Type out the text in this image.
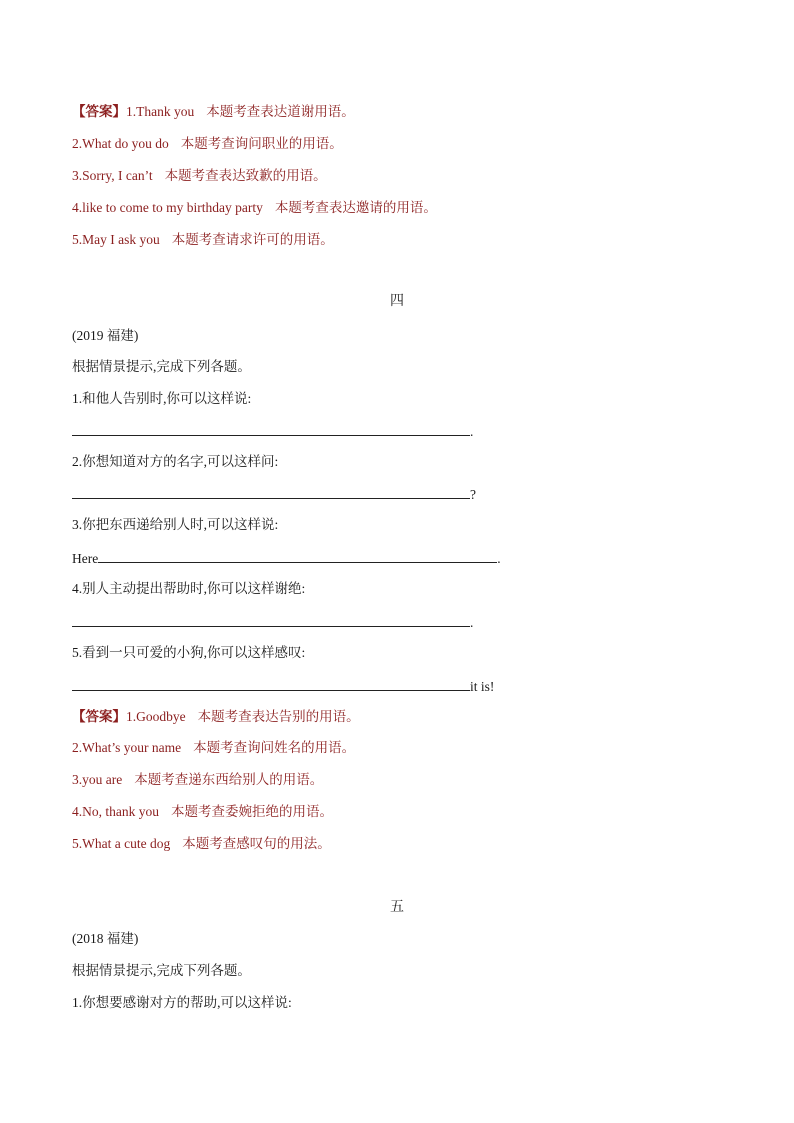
【答案】1.Thank you 本题考查表达道谢用语。
2.What do you do 本题考查询问职业的用语。
3.Sorry, I can’t 本题考查表达致歉的用语。
4.like to come to my birthday party 本题考查表达邀请的用语。
5.May I ask you 本题考查请求许可的用语。
四
(2019 福建)
根据情景提示,完成下列各题。
1.和他人告别时,你可以这样说:
.
2.你想知道对方的名字,可以这样问:
?
3.你把东西递给别人时,可以这样说:
Here	.
4.别人主动提出帮助时,你可以这样谢绝:
.
5.看到一只可爱的小狗,你可以这样感叹:
it is!
【答案】1.Goodbye 本题考查表达告别的用语。
2.What’s your name 本题考查询问姓名的用语。
3.you are 本题考查递东西给别人的用语。
4.No, thank you 本题考查委婉拒绝的用语。
5.What a cute dog 本题考查感叹句的用法。
五
(2018 福建)
根据情景提示,完成下列各题。
1.你想要感谢对方的帮助,可以这样说:
